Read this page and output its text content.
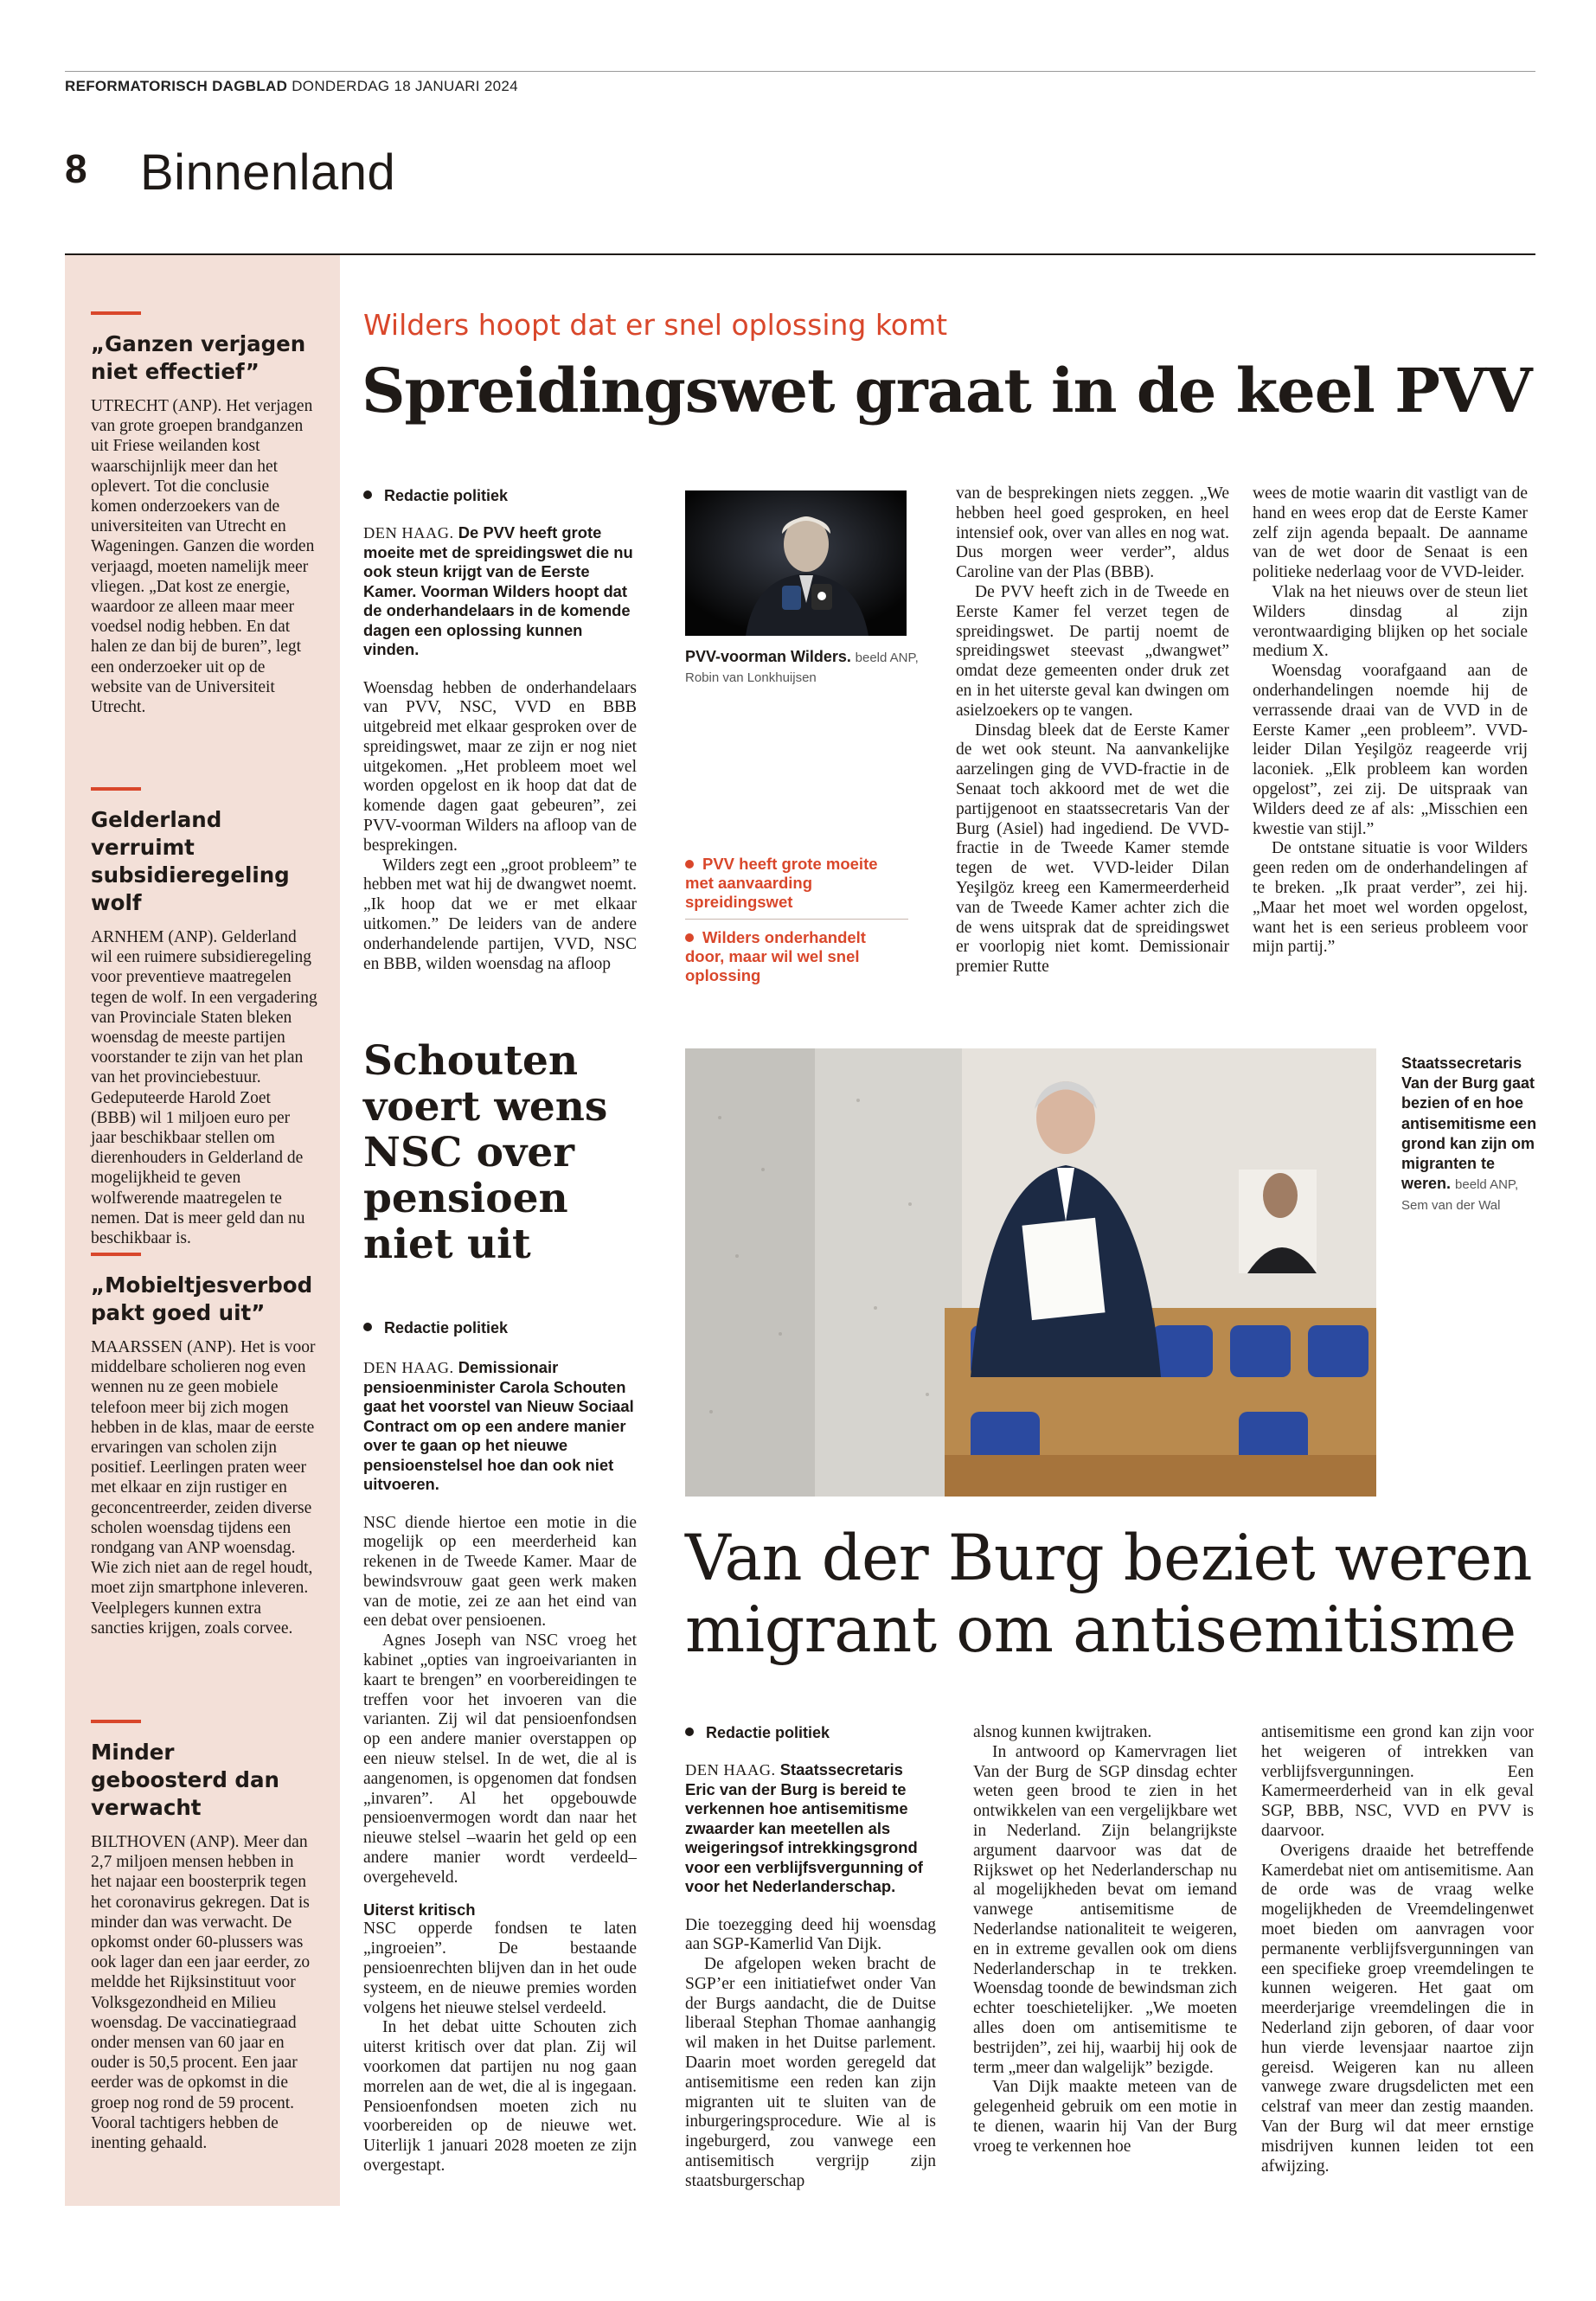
REFORMATORISCH DAGBLAD DONDERDAG 18 JANUARI 2024
8 Binnenland
„Ganzen verjagen niet effectief”

UTRECHT (ANP). Het verjagen van grote groepen brandganzen uit Friese weilanden kost waarschijnlijk meer dan het oplevert. Tot die conclusie komen onderzoekers van de universiteiten van Utrecht en Wageningen. Ganzen die worden verjaagd, moeten namelijk meer vliegen. „Dat kost ze energie, waardoor ze alleen maar meer voedsel nodig hebben. En dat halen ze dan bij de buren”, legt een onderzoeker uit op de website van de Universiteit Utrecht.

Gelderland verruimt subsidieregeling wolf

ARNHEM (ANP). Gelderland wil een ruimere subsidieregeling voor preventieve maatregelen tegen de wolf. In een vergadering van Provinciale Staten bleken woensdag de meeste partijen voorstander te zijn van het plan van het provinciebestuur. Gedeputeerde Harold Zoet (BBB) wil 1 miljoen euro per jaar beschikbaar stellen om dierenhouders in Gelderland de mogelijkheid te geven wolfwerende maatregelen te nemen. Dat is meer geld dan nu beschikbaar is.

„Mobieltjesverbod pakt goed uit”

MAARSSEN (ANP). Het is voor middelbare scholieren nog even wennen nu ze geen mobiele telefoon meer bij zich mogen hebben in de klas, maar de eerste ervaringen van scholen zijn positief. Leerlingen praten weer met elkaar en zijn rustiger en geconcentreerder, zeiden diverse scholen woensdag tijdens een rondgang van ANP woensdag. Wie zich niet aan de regel houdt, moet zijn smartphone inleveren. Veelplegers kunnen extra sancties krijgen, zoals corvee.

Minder geboosterd dan verwacht

BILTHOVEN (ANP). Meer dan 2,7 miljoen mensen hebben in het najaar een boosterprik tegen het coronavirus gekregen. Dat is minder dan was verwacht. De opkomst onder 60-plussers was ook lager dan een jaar eerder, zo meldde het Rijksinstituut voor Volksgezondheid en Milieu woensdag. De vaccinatiegraad onder mensen van 60 jaar en ouder is 50,5 procent. Een jaar eerder was de opkomst in die groep nog rond de 59 procent. Vooral tachtigers hebben de inenting gehaald.

Wilders hoopt dat er snel oplossing komt
Spreidingswet graat in de keel PVV
Redactie politiek

DEN HAAG. De PVV heeft grote moeite met de spreidingswet die nu ook steun krijgt van de Eerste Kamer. Voorman Wilders hoopt dat de onderhandelaars in de komende dagen een oplossing kunnen vinden.

Woensdag hebben de onderhandelaars van PVV, NSC, VVD en BBB uitgebreid met elkaar gesproken over de spreidingswet, maar ze zijn er nog niet uitgekomen. „Het probleem moet wel worden opgelost en ik hoop dat dat de komende dagen gaat gebeuren”, zei PVV-voorman Wilders na afloop van de besprekingen.

Wilders zegt een „groot probleem” te hebben met wat hij de dwangwet noemt. „Ik hoop dat we er met elkaar uitkomen.” De leiders van de andere onderhandelende partijen, VVD, NSC en BBB, wilden woensdag na afloop

PVV-voorman Wilders. beeld ANP, Robin van Lonkhuijsen
PVV heeft grote moeite met aanvaarding spreidingswet
Wilders onderhandelt door, maar wil wel snel oplossing

van de besprekingen niets zeggen. „We hebben heel goed gesproken, en heel intensief ook, over van alles en nog wat. Dus morgen weer verder”, aldus Caroline van der Plas (BBB).

De PVV heeft zich in de Tweede en Eerste Kamer fel verzet tegen de spreidingswet. De partij noemt de spreidingswet steevast „dwangwet” omdat deze gemeenten onder druk zet en in het uiterste geval kan dwingen om asielzoekers op te vangen.

Dinsdag bleek dat de Eerste Kamer de wet ook steunt. Na aanvankelijke aarzelingen ging de VVD-fractie in de Senaat toch akkoord met de wet die partijgenoot en staatssecretaris Van der Burg (Asiel) had ingediend. De VVD-fractie in de Tweede Kamer stemde tegen de wet. VVD-leider Dilan Yeşilgöz kreeg een Kamermeerderheid van de Tweede Kamer achter zich die de wens uitsprak dat de spreidingswet er voorlopig niet komt. Demissionair premier Rutte

wees de motie waarin dit vastligt van de hand en wees erop dat de Eerste Kamer zelf zijn agenda bepaalt. De aanname van de wet door de Senaat is een politieke nederlaag voor de VVD-leider.

Vlak na het nieuws over de steun liet Wilders dinsdag al zijn verontwaardiging blijken op het sociale medium X.

Woensdag voorafgaand aan de onderhandelingen noemde hij de verrassende draai van de VVD in de Eerste Kamer „een probleem”. VVD-leider Dilan Yeşilgöz reageerde vrij laconiek. „Elk probleem kan worden opgelost”, zei zij. De uitspraak van Wilders deed ze af als: „Misschien een kwestie van stijl.”

De ontstane situatie is voor Wilders geen reden om de onderhandelingen af te breken. „Ik praat verder”, zei hij. „Maar het moet wel worden opgelost, want het is een serieus probleem voor mijn partij.”

Schouten voert wens NSC over pensioen niet uit
Redactie politiek

DEN HAAG. Demissionair pensioenminister Carola Schouten gaat het voorstel van Nieuw Sociaal Contract om op een andere manier over te gaan op het nieuwe pensioenstelsel hoe dan ook niet uitvoeren.

NSC diende hiertoe een motie in die mogelijk op een meerderheid kan rekenen in de Tweede Kamer. Maar de bewindsvrouw gaat geen werk maken van de motie, zei ze aan het eind van een debat over pensioenen.

Agnes Joseph van NSC vroeg het kabinet „opties van ingroeivarianten in kaart te brengen” en voorbereidingen te treffen voor het invoeren van die varianten. Zij wil dat pensioenfondsen op een andere manier overstappen op een nieuw stelsel. In de wet, die al is aangenomen, is opgenomen dat fondsen „invaren”. Al het opgebouwde pensioenvermogen wordt dan naar het nieuwe stelsel –waarin het geld op een andere manier wordt verdeeld– overgeheveld.

Uiterst kritisch

NSC opperde fondsen te laten „ingroeien”. De bestaande pensioenrechten blijven dan in het oude systeem, en de nieuwe premies worden volgens het nieuwe stelsel verdeeld.

In het debat uitte Schouten zich uiterst kritisch over dat plan. Zij wil voorkomen dat partijen nu nog gaan morrelen aan de wet, die al is ingegaan. Pensioenfondsen moeten zich nu voorbereiden op de nieuwe wet. Uiterlijk 1 januari 2028 moeten ze zijn overgestapt.

Staatssecretaris Van der Burg gaat bezien of en hoe antisemitisme een grond kan zijn om migranten te weren. beeld ANP, Sem van der Wal
Van der Burg beziet weren migrant om antisemitisme
Redactie politiek

DEN HAAG. Staatssecretaris Eric van der Burg is bereid te verkennen hoe antisemitisme zwaarder kan meetellen als weigeringsof intrekkingsgrond voor een verblijfsvergunning of voor het Nederlanderschap.

Die toezegging deed hij woensdag aan SGP-Kamerlid Van Dijk.

De afgelopen weken bracht de SGP’er een initiatiefwet onder Van der Burgs aandacht, die de Duitse liberaal Stephan Thomae aanhangig wil maken in het Duitse parlement. Daarin moet worden geregeld dat antisemitisme een reden kan zijn migranten uit te sluiten van de inburgeringsprocedure. Wie al is ingeburgerd, zou vanwege een antisemitisch vergrijp zijn staatsburgerschap

alsnog kunnen kwijtraken.

In antwoord op Kamervragen liet Van der Burg de SGP dinsdag echter weten geen brood te zien in het ontwikkelen van een vergelijkbare wet in Nederland. Zijn belangrijkste argument daarvoor was dat de Rijkswet op het Nederlanderschap nu al mogelijkheden bevat om iemand vanwege antisemitisme de Nederlandse nationaliteit te weigeren, en in extreme gevallen ook om diens Nederlanderschap in te trekken. Woensdag toonde de bewindsman zich echter toeschietelijker. „We moeten alles doen om antisemitisme te bestrijden”, zei hij, waarbij hij ook de term „meer dan walgelijk” bezigde.

Van Dijk maakte meteen van de gelegenheid gebruik om een motie in te dienen, waarin hij Van der Burg vroeg te verkennen hoe

antisemitisme een grond kan zijn voor het weigeren of intrekken van verblijfsvergunningen. Een Kamermeerderheid van in elk geval SGP, BBB, NSC, VVD en PVV is daarvoor.

Overigens draaide het betreffende Kamerdebat niet om antisemitisme. Aan de orde was de vraag welke mogelijkheden de Vreemdelingenwet moet bieden om aanvragen voor permanente verblijfsvergunningen van een specifieke groep vreemdelingen te kunnen weigeren. Het gaat om meerderjarige vreemdelingen die in Nederland zijn geboren, of daar voor hun vierde levensjaar naartoe zijn gereisd. Weigeren kan nu alleen vanwege zware drugsdelicten met een celstraf van meer dan zestig maanden. Van der Burg wil dat meer ernstige misdrijven kunnen leiden tot een afwijzing.
